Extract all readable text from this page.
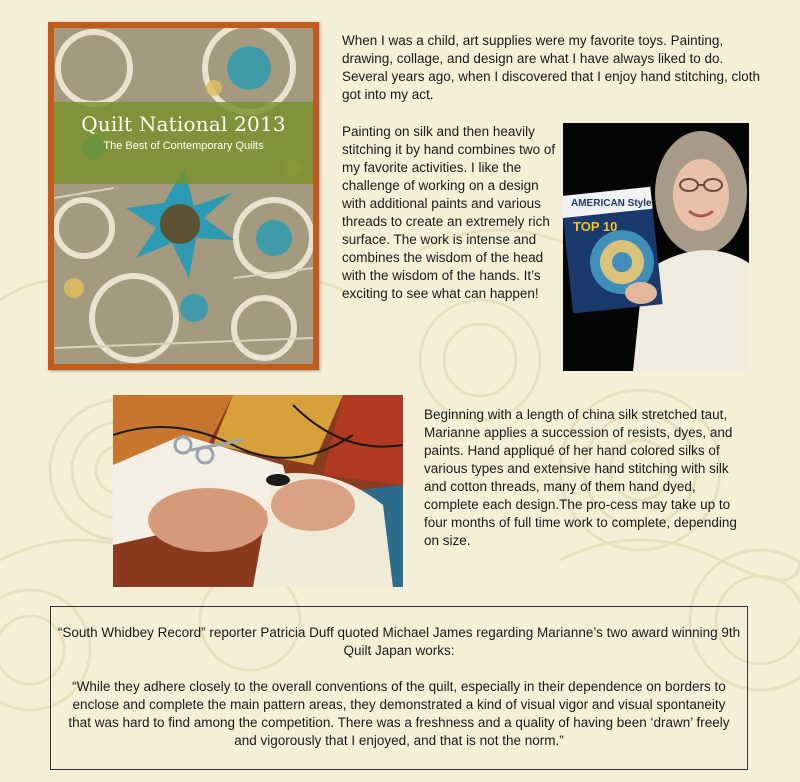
Quilt National 2013
The Best of Contemporary Quilts

When I was a child, art supplies were my favorite toys. Painting, drawing, collage, and design are what I have always liked to do. Several years ago, when I discovered that I enjoy hand stitching, cloth got into my act.

Painting on silk and then heavily stitching it by hand combines two of my favorite activities. I like the challenge of working on a design with additional paints and various threads to create an extremely rich surface. The work is intense and combines the wisdom of the head with the wisdom of the hands. It’s exciting to see what can happen!

AMERICAN Style
TOP 10

Beginning with a length of china silk stretched taut, Marianne applies a succession of resists, dyes, and paints. Hand appliqué of her hand colored silks of various types and extensive hand stitching with silk and cotton threads, many of them hand dyed, complete each design.The pro-cess may take up to four months of full time work to complete, depending on size.

“South Whidbey Record” reporter Patricia Duff quoted Michael James regarding Marianne’s two award winning 9th Quilt Japan works:

“While they adhere closely to the overall conventions of the quilt, especially in their dependence on borders to enclose and complete the main pattern areas, they demonstrated a kind of visual vigor and visual spontaneity that was hard to find among the competition. There was a freshness and a quality of having been ‘drawn’ freely and vigorously that I enjoyed, and that is not the norm.”
